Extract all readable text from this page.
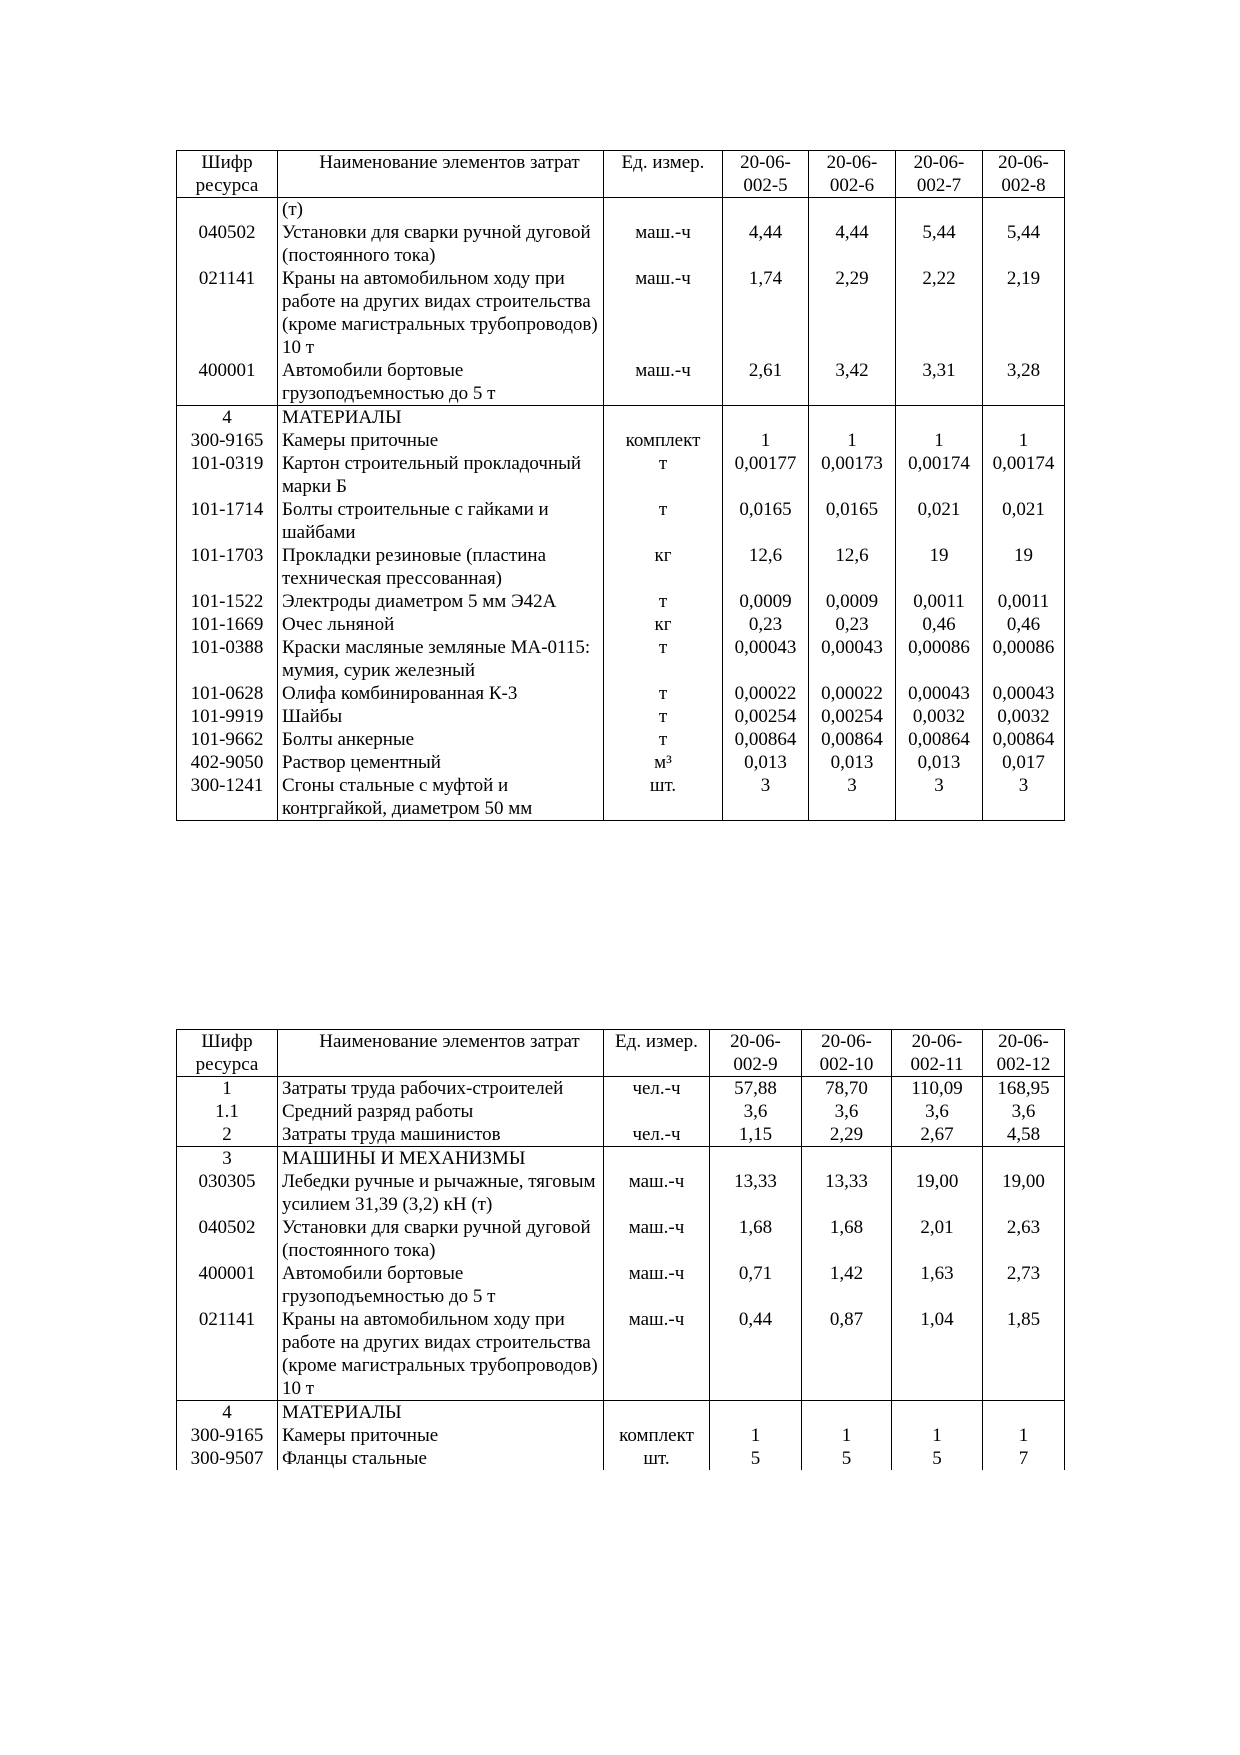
Шифр ресурса	Наименование элементов затрат	Ед. измер.	20-06-002-5	20-06-002-6	20-06-002-7	20-06-002-8
	(т)					
040502	Установки для сварки ручной дуговой (постоянного тока)	маш.-ч	4,44	4,44	5,44	5,44
021141	Краны на автомобильном ходу при работе на других видах строительства (кроме магистральных трубопроводов) 10 т	маш.-ч	1,74	2,29	2,22	2,19
400001	Автомобили бортовые грузоподъемностью до 5 т	маш.-ч	2,61	3,42	3,31	3,28
4	МАТЕРИАЛЫ					
300-9165	Камеры приточные	комплект	1	1	1	1
101-0319	Картон строительный прокладочный марки Б	т	0,00177	0,00173	0,00174	0,00174
101-1714	Болты строительные с гайками и шайбами	т	0,0165	0,0165	0,021	0,021
101-1703	Прокладки резиновые (пластина техническая прессованная)	кг	12,6	12,6	19	19
101-1522	Электроды диаметром 5 мм Э42А	т	0,0009	0,0009	0,0011	0,0011
101-1669	Очес льняной	кг	0,23	0,23	0,46	0,46
101-0388	Краски масляные земляные МА-0115: мумия, сурик железный	т	0,00043	0,00043	0,00086	0,00086
101-0628	Олифа комбинированная К-3	т	0,00022	0,00022	0,00043	0,00043
101-9919	Шайбы	т	0,00254	0,00254	0,0032	0,0032
101-9662	Болты анкерные	т	0,00864	0,00864	0,00864	0,00864
402-9050	Раствор цементный	м³	0,013	0,013	0,013	0,017
300-1241	Сгоны стальные с муфтой и контргайкой, диаметром 50 мм	шт.	3	3	3	3
Шифр ресурса	Наименование элементов затрат	Ед. измер.	20-06-002-9	20-06-002-10	20-06-002-11	20-06-002-12
1	Затраты труда рабочих-строителей	чел.-ч	57,88	78,70	110,09	168,95
1.1	Средний разряд работы		3,6	3,6	3,6	3,6
2	Затраты труда машинистов	чел.-ч	1,15	2,29	2,67	4,58
3	МАШИНЫ И МЕХАНИЗМЫ					
030305	Лебедки ручные и рычажные, тяговым усилием 31,39 (3,2) кН (т)	маш.-ч	13,33	13,33	19,00	19,00
040502	Установки для сварки ручной дуговой (постоянного тока)	маш.-ч	1,68	1,68	2,01	2,63
400001	Автомобили бортовые грузоподъемностью до 5 т	маш.-ч	0,71	1,42	1,63	2,73
021141	Краны на автомобильном ходу при работе на других видах строительства (кроме магистральных трубопроводов) 10 т	маш.-ч	0,44	0,87	1,04	1,85
4	МАТЕРИАЛЫ					
300-9165	Камеры приточные	комплект	1	1	1	1
300-9507	Фланцы стальные	шт.	5	5	5	7
